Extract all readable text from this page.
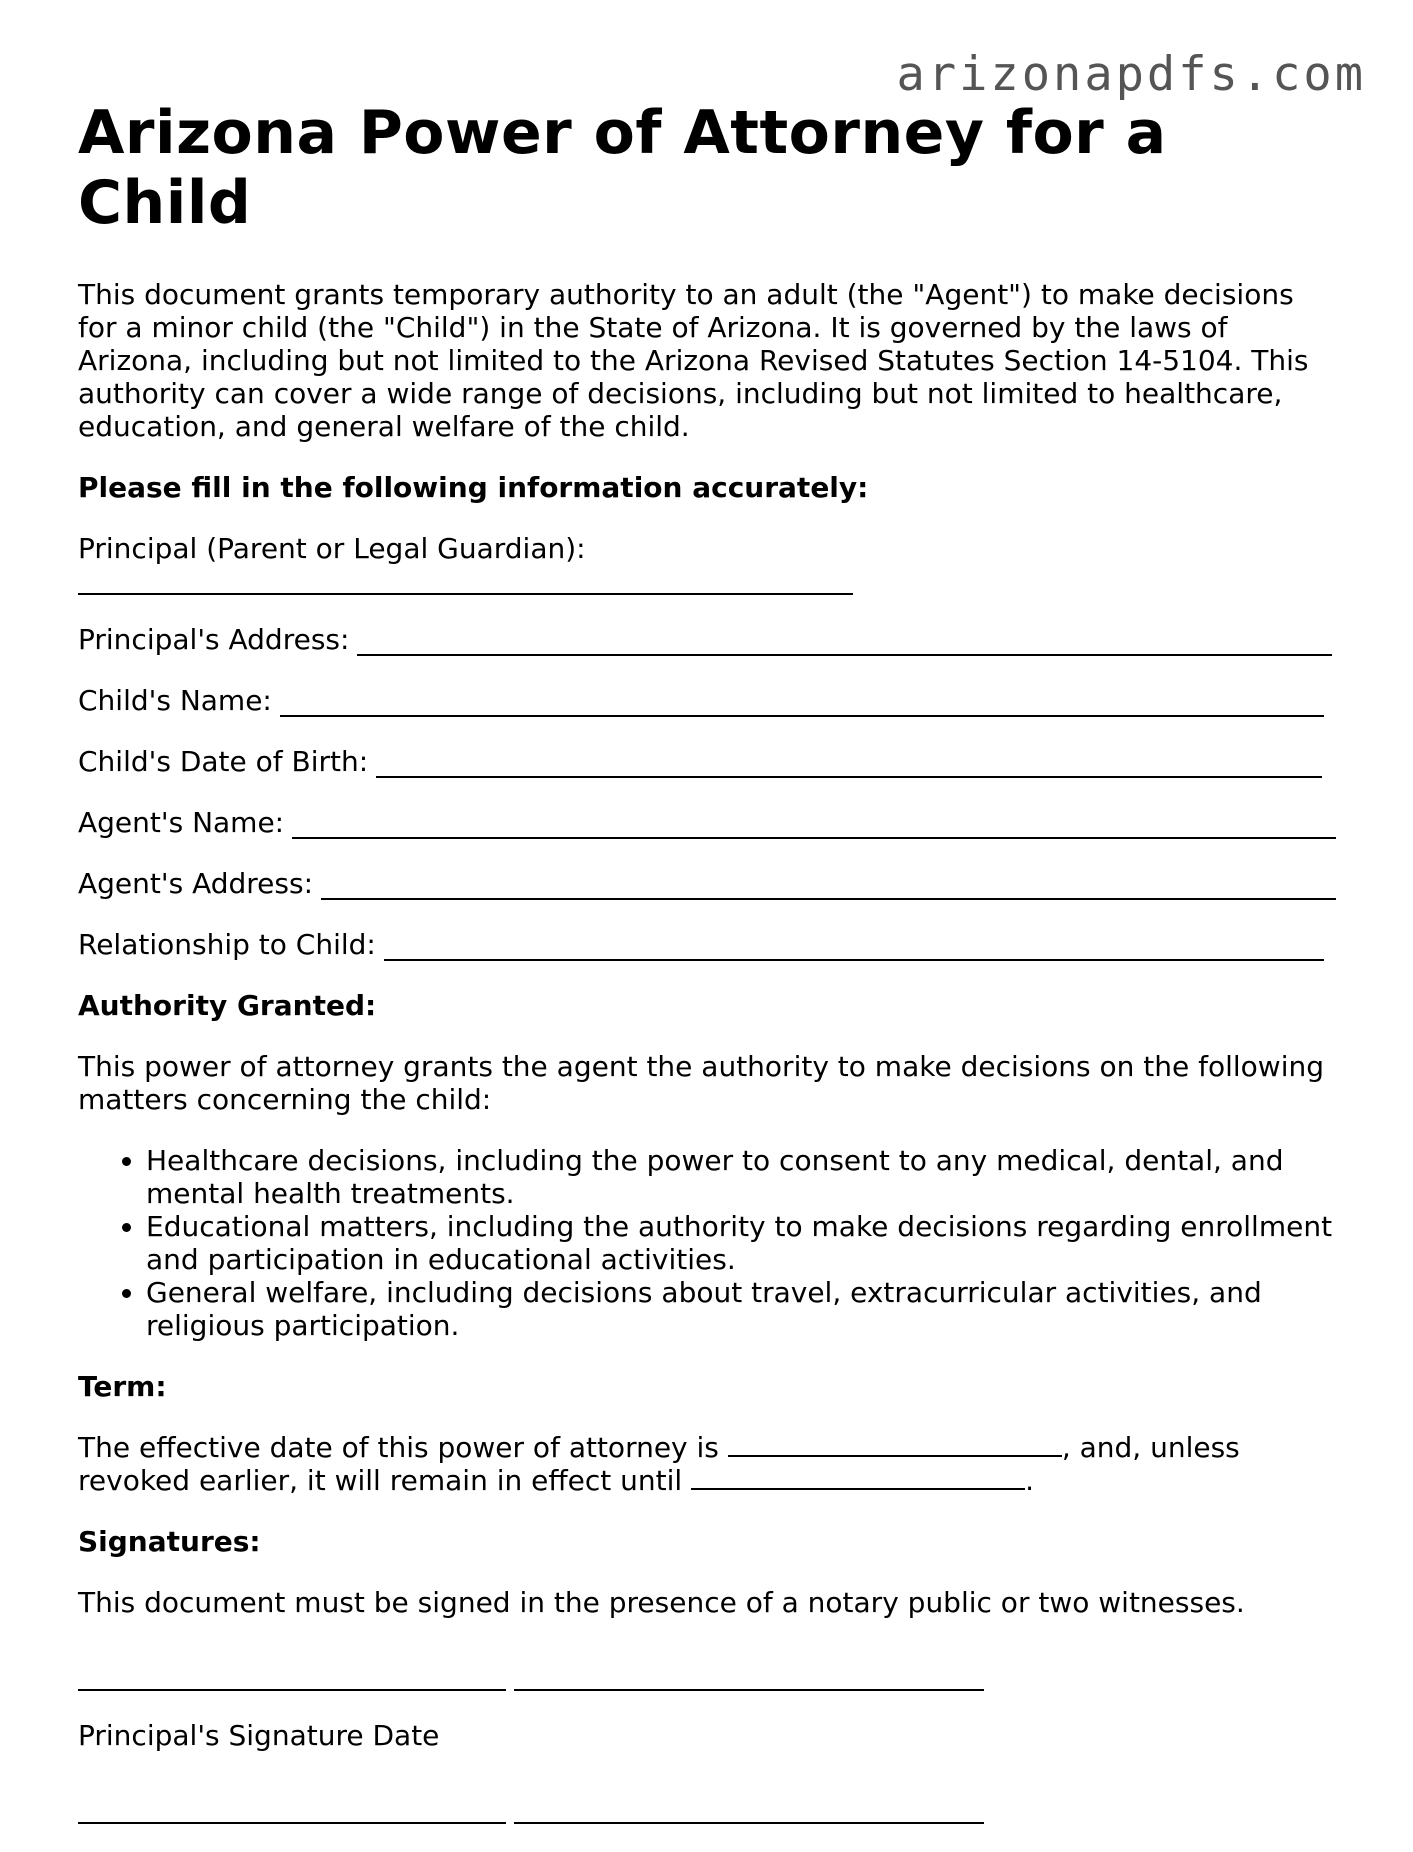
arizonapdfs.com
Arizona Power of Attorney for a Child

This document grants temporary authority to an adult (the "Agent") to make decisions for a minor child (the "Child") in the State of Arizona. It is governed by the laws of Arizona, including but not limited to the Arizona Revised Statutes Section 14-5104. This authority can cover a wide range of decisions, including but not limited to healthcare, education, and general welfare of the child.

Please fill in the following information accurately:
Principal (Parent or Legal Guardian):
Principal's Address:
Child's Name:
Child's Date of Birth:
Agent's Name:
Agent's Address:
Relationship to Child:
Authority Granted:

This power of attorney grants the agent the authority to make decisions on the following matters concerning the child:

• Healthcare decisions, including the power to consent to any medical, dental, and mental health treatments.
• Educational matters, including the authority to make decisions regarding enrollment and participation in educational activities.
• General welfare, including decisions about travel, extracurricular activities, and religious participation.
Term:

The effective date of this power of attorney is	, and, unless revoked earlier, it will remain in effect until	.

Signatures:

This document must be signed in the presence of a notary public or two witnesses.

Principal's Signature Date
